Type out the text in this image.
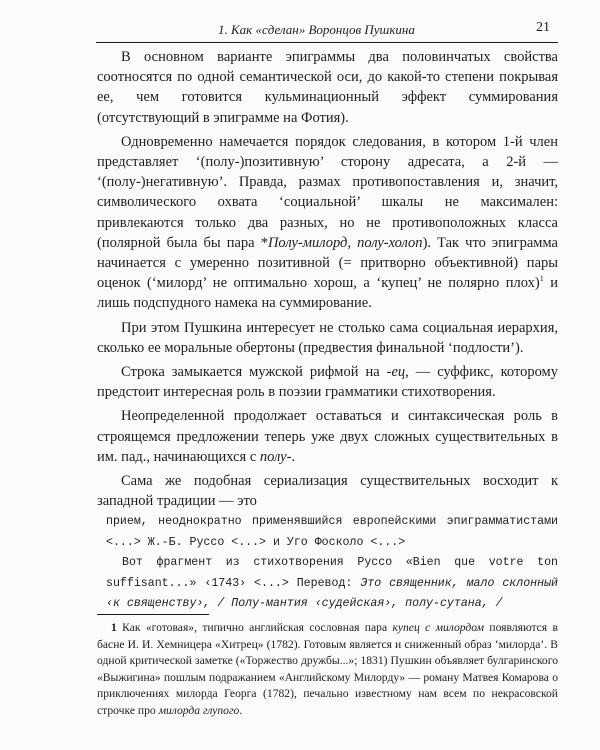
1. Как «сделан» Воронцов Пушкина	21

В основном варианте эпиграммы два половинчатых свойства соотносятся по одной семантической оси, до какой-то степени покрывая ее, чем готовится кульминационный эффект суммирования (отсутствующий в эпиграмме на Фотия).

Одновременно намечается порядок следования, в котором 1-й член представляет ‘(полу-)позитивную’ сторону адресата, а 2-й — ‘(полу-)негативную’. Правда, размах противопоставления и, значит, символического охвата ‘социальной’ шкалы не максимален: привлекаются только два разных, но не противоположных класса (полярной была бы пара *Полу-милорд, полу-холоп). Так что эпиграмма начинается с умеренно позитивной (= притворно объективной) пары оценок (‘милорд’ не оптимально хорош, а ‘купец’ не полярно плох)$^1$ и лишь подспудного намека на суммирование.

При этом Пушкина интересует не столько сама социальная иерархия, сколько ее моральные обертоны (предвестия финальной ‘подлости’).

Строка замыкается мужской рифмой на -ец, — суффикс, которому предстоит интересная роль в поэзии грамматики стихотворения.

Неопределенной продолжает оставаться и синтаксическая роль в строящемся предложении теперь уже двух сложных существительных в им. пад., начинающихся с полу-.

Сама же подобная сериализация существительных восходит к западной традиции — это

прием, неоднократно применявшийся европейскими эпиграмматистами <...> Ж.-Б. Руссо <...> и Уго Фосколо <...>

Вот фрагмент из стихотворения Руссо «Bien que votre ton suffisant...» ‹1743› <...> Перевод: Это священник, мало склонный ‹к священству›, / Полу-мантия ‹судейская›, полу-сутана, /

1 Как «готовая», типично английская сословная пара купец с милордом появляются в басне И. И. Хемницера «Хитрец» (1782). Готовым является и сниженный образ ‘милорда’. В одной критической заметке («Торжество дружбы...»; 1831) Пушкин объявляет булгаринского «Выжигина» пошлым подражанием «Английскому Милорду» — роману Матвея Комарова о приключениях милорда Георга (1782), печально известному нам всем по некрасовской строчке про милорда глупого.
